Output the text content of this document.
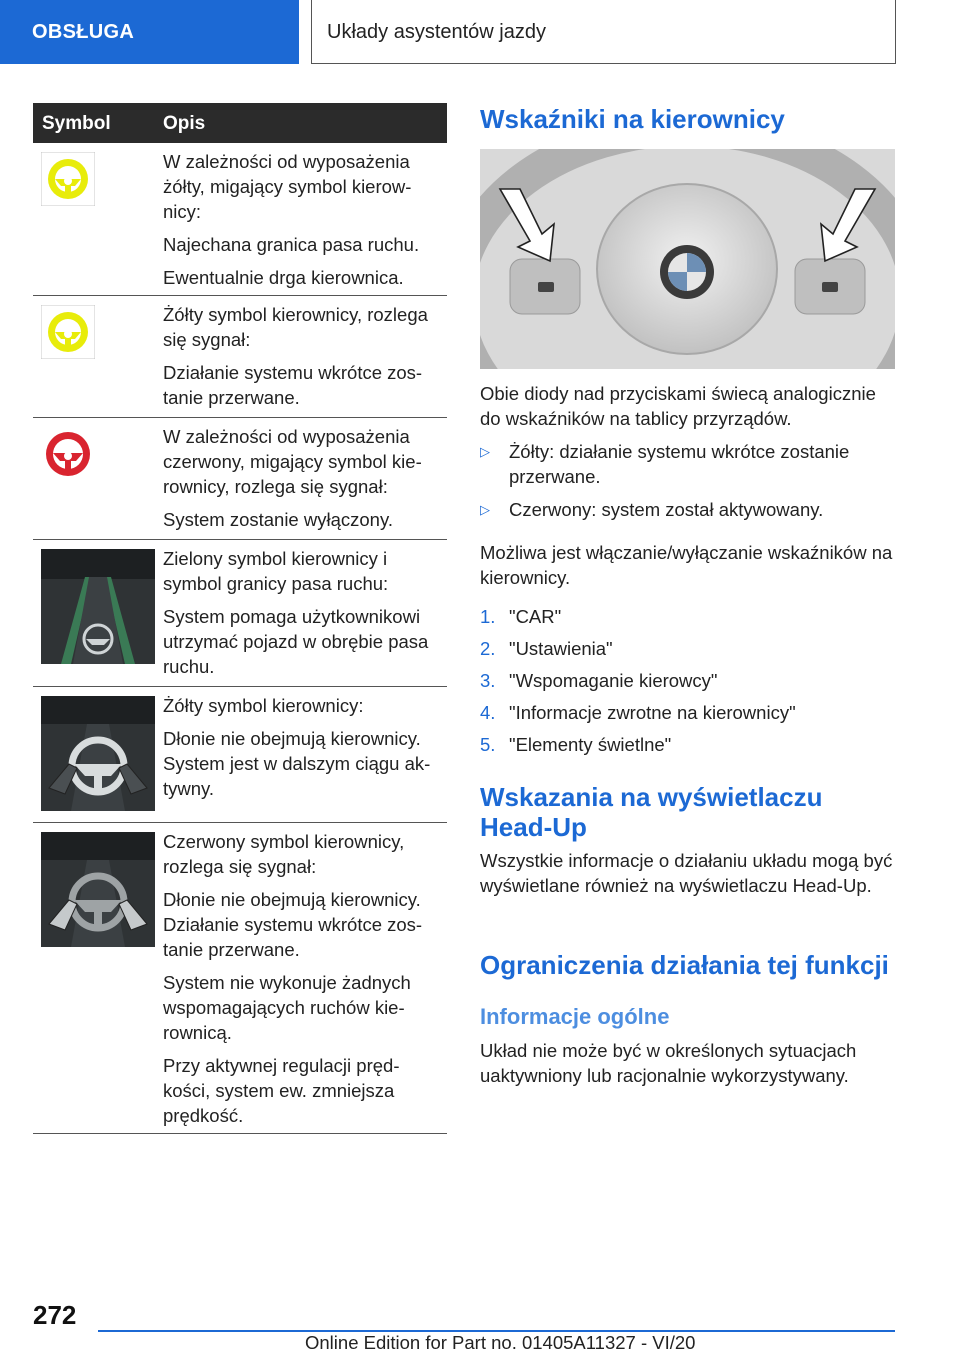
OBSŁUGA	Układy asystentów jazdy
Symbol	Opis

W zależności od wyposażenia żółty, migający symbol kierow-nicy:

Najechana granica pasa ruchu.

Ewentualnie drga kierownica.

Żółty symbol kierownicy, rozlega się sygnał:

Działanie systemu wkrótce zos-tanie przerwane.

W zależności od wyposażenia czerwony, migający symbol kie-rownicy, rozlega się sygnał:

System zostanie wyłączony.

Zielony symbol kierownicy i symbol granicy pasa ruchu:

System pomaga użytkownikowi utrzymać pojazd w obrębie pasa ruchu.

Żółty symbol kierownicy:

Dłonie nie obejmują kierownicy. System jest w dalszym ciągu ak-tywny.

Czerwony symbol kierownicy, rozlega się sygnał:

Dłonie nie obejmują kierownicy. Działanie systemu wkrótce zos-tanie przerwane.

System nie wykonuje żadnych wspomagających ruchów kie-rownicą.

Przy aktywnej regulacji pręd-kości, system ew. zmniejsza prędkość.

Wskaźniki na kierownicy
Obie diody nad przyciskami świecą analogicznie do wskaźników na tablicy przyrządów.
▷ Żółty: działanie systemu wkrótce zostanie przerwane.
▷ Czerwony: system został aktywowany.
Możliwa jest włączanie/wyłączanie wskaźników na kierownicy.
1. "CAR"
2. "Ustawienia"
3. "Wspomaganie kierowcy"
4. "Informacje zwrotne na kierownicy"
5. "Elementy świetlne"
Wskazania na wyświetlaczu Head-Up
Wszystkie informacje o działaniu układu mogą być wyświetlane również na wyświetlaczu Head-Up.
Ograniczenia działania tej funkcji
Informacje ogólne
Układ nie może być w określonych sytuacjach uaktywniony lub racjonalnie wykorzystywany.
272
Online Edition for Part no. 01405A11327 - VI/20
